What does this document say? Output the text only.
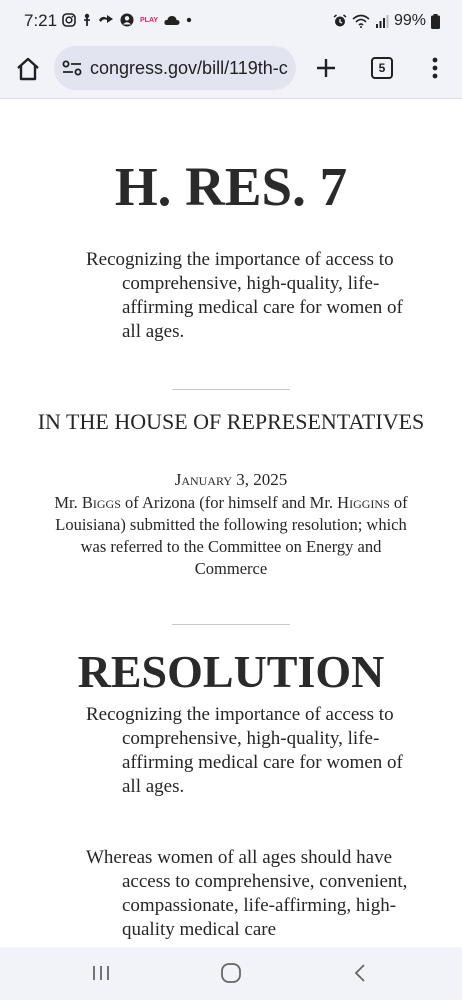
7:21	PLAY	99%
congress.gov/bill/119th-c	5
H. RES. 7
Recognizing the importance of access to comprehensive, high-quality, life-affirming medical care for women of all ages.
IN THE HOUSE OF REPRESENTATIVES
January 3, 2025
Mr. Biggs of Arizona (for himself and Mr. Higgins of Louisiana) submitted the following resolution; which was referred to the Committee on Energy and Commerce
RESOLUTION
Recognizing the importance of access to comprehensive, high-quality, life-affirming medical care for women of all ages.
Whereas women of all ages should have access to comprehensive, convenient, compassionate, life-affirming, high-quality medical care
